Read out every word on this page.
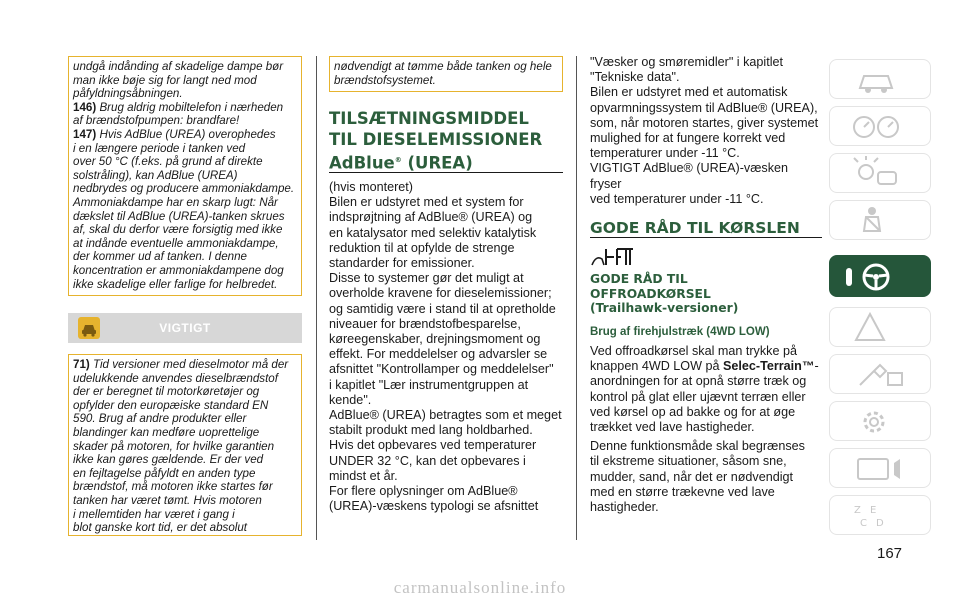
undgå indånding af skadelige dampe bør

man ikke bøje sig for langt ned mod

påfyldningsåbningen.

146) Brug aldrig mobiltelefon i nærheden

af brændstofpumpen: brandfare!

147) Hvis AdBlue (UREA) overophedes

i en længere periode i tanken ved

over 50 °C (f.eks. på grund af direkte

solstråling), kan AdBlue (UREA)

nedbrydes og producere ammoniakdampe.

Ammoniakdampe har en skarp lugt: Når

dækslet til AdBlue (UREA)-tanken skrues

af, skal du derfor være forsigtig med ikke

at indånde eventuelle ammoniakdampe,

der kommer ud af tanken. I denne

koncentration er ammoniakdampene dog

ikke skadelige eller farlige for helbredet.

VIGTIGT

71) Tid versioner med dieselmotor må der

udelukkende anvendes dieselbrændstof

der er beregnet til motorkøretøjer og

opfylder den europæiske standard EN

590. Brug af andre produkter eller

blandinger kan medføre uoprettelige

skader på motoren, for hvilke garantien

ikke kan gøres gældende. Er der ved

en fejltagelse påfyldt en anden type

brændstof, må motoren ikke startes før

tanken har været tømt. Hvis motoren

i mellemtiden har været i gang i

blot ganske kort tid, er det absolut

nødvendigt at tømme både tanken og hele

brændstofsystemet.

TILSÆTNINGSMIDDEL
TIL DIESELEMISSIONER
AdBlue® (UREA)

(hvis monteret)

Bilen er udstyret med et system for

indsprøjtning af AdBlue® (UREA) og

en katalysator med selektiv katalytisk

reduktion til at opfylde de strenge

standarder for emissioner.

Disse to systemer gør det muligt at

overholde kravene for dieselemissioner;

og samtidig være i stand til at opretholde

niveauer for brændstofbesparelse,

køreegenskaber, drejningsmoment og

effekt. For meddelelser og advarsler se

afsnittet "Kontrollamper og meddelelser"

i kapitlet "Lær instrumentgruppen at

kende".

AdBlue® (UREA) betragtes som et meget

stabilt produkt med lang holdbarhed.

Hvis det opbevares ved temperaturer

UNDER 32 °C, kan det opbevares i

mindst et år.

For flere oplysninger om AdBlue®

(UREA)-væskens typologi se afsnittet

"Væsker og smøremidler" i kapitlet

"Tekniske data".

Bilen er udstyret med et automatisk

opvarmningssystem til AdBlue® (UREA),

som, når motoren startes, giver systemet

mulighed for at fungere korrekt ved

temperaturer under -11 °C.

VIGTIGT AdBlue® (UREA)-væsken fryser

ved temperaturer under -11 °C.

GODE RÅD TIL KØRSLEN
GODE RÅD TIL
OFFROADKØRSEL
(Trailhawk-versioner)
Brug af firehjulstræk (4WD LOW)

Ved offroadkørsel skal man trykke på

knappen 4WD LOW på Selec-Terrain™-

anordningen for at opnå større træk og

kontrol på glat eller ujævnt terræn eller

ved kørsel op ad bakke og for at øge

trækket ved lave hastigheder.

Denne funktionsmåde skal begrænses

til ekstreme situationer, såsom sne,

mudder, sand, når det er nødvendigt

med en større trækevne ved lave

hastigheder.	Z E
C D
167
carmanualsonline.info
